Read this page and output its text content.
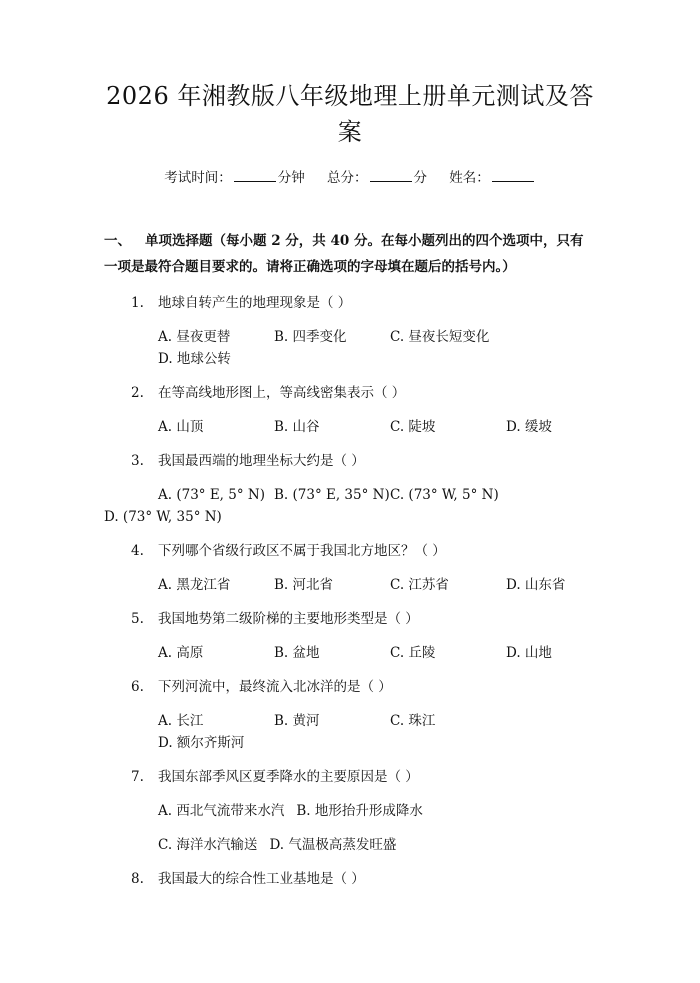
2026 年湘教版八年级地理上册单元测试及答案
考试时间：	分钟 总分：	分 姓名：
一、 单项选择题（每小题 2 分，共 40 分。在每小题列出的四个选项中，只有一项是最符合题目要求的。请将正确选项的字母填在题后的括号内。）
1. 地球自转产生的地理现象是（ ）
A. 昼夜更替	B. 四季变化	C. 昼夜长短变化D. 地球公转
2. 在等高线地形图上，等高线密集表示（ ）
A. 山顶	B. 山谷	C. 陡坡	D. 缓坡
3. 我国最西端的地理坐标大约是（ ）
A. (73° E, 5° N) B. (73° E, 35° N)C. (73° W, 5° N)
D. (73° W, 35° N)
4. 下列哪个省级行政区不属于我国北方地区？（ ）
A. 黑龙江省	B. 河北省	C. 江苏省	D. 山东省
5. 我国地势第二级阶梯的主要地形类型是（ ）
A. 高原	B. 盆地	C. 丘陵	D. 山地
6. 下列河流中，最终流入北冰洋的是（ ）
A. 长江	B. 黄河	C. 珠江D. 额尔齐斯河
7. 我国东部季风区夏季降水的主要原因是（ ）
A. 西北气流带来水汽 B. 地形抬升形成降水
C. 海洋水汽输送 D. 气温极高蒸发旺盛
8. 我国最大的综合性工业基地是（ ）
